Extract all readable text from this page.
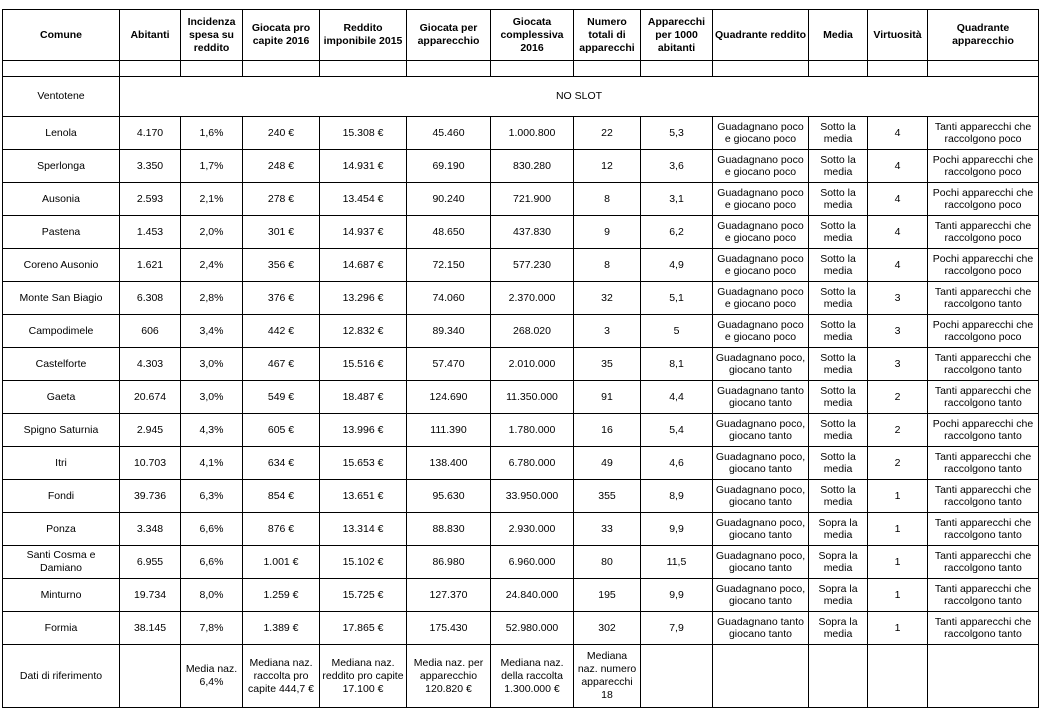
Comune	Abitanti	Incidenza spesa su reddito	Giocata pro capite 2016	Reddito imponibile 2015	Giocata per apparecchio	Giocata complessiva 2016	Numero totali di apparecchi	Apparecchi per 1000 abitanti	Quadrante reddito	Media	Virtuosità	Quadrante apparecchio

Ventotene	NO SLOT											
Lenola	4.170	1,6%	240 €	15.308 €	45.460	1.000.800	22	5,3	Guadagnano poco e giocano poco	Sotto la media	4	Tanti apparecchi che raccolgono poco
Sperlonga	3.350	1,7%	248 €	14.931 €	69.190	830.280	12	3,6	Guadagnano poco e giocano poco	Sotto la media	4	Pochi apparecchi che raccolgono poco
Ausonia	2.593	2,1%	278 €	13.454 €	90.240	721.900	8	3,1	Guadagnano poco e giocano poco	Sotto la media	4	Pochi apparecchi che raccolgono poco
Pastena	1.453	2,0%	301 €	14.937 €	48.650	437.830	9	6,2	Guadagnano poco e giocano poco	Sotto la media	4	Tanti apparecchi che raccolgono poco
Coreno Ausonio	1.621	2,4%	356 €	14.687 €	72.150	577.230	8	4,9	Guadagnano poco e giocano poco	Sotto la media	4	Pochi apparecchi che raccolgono poco
Monte San Biagio	6.308	2,8%	376 €	13.296 €	74.060	2.370.000	32	5,1	Guadagnano poco e giocano poco	Sotto la media	3	Tanti apparecchi che raccolgono tanto
Campodimele	606	3,4%	442 €	12.832 €	89.340	268.020	3	5	Guadagnano poco e giocano poco	Sotto la media	3	Pochi apparecchi che raccolgono poco
Castelforte	4.303	3,0%	467 €	15.516 €	57.470	2.010.000	35	8,1	Guadagnano poco, giocano tanto	Sotto la media	3	Tanti apparecchi che raccolgono tanto
Gaeta	20.674	3,0%	549 €	18.487 €	124.690	11.350.000	91	4,4	Guadagnano tanto giocano tanto	Sotto la media	2	Tanti apparecchi che raccolgono tanto
Spigno Saturnia	2.945	4,3%	605 €	13.996 €	111.390	1.780.000	16	5,4	Guadagnano poco, giocano tanto	Sotto la media	2	Pochi apparecchi che raccolgono tanto
Itri	10.703	4,1%	634 €	15.653 €	138.400	6.780.000	49	4,6	Guadagnano poco, giocano tanto	Sotto la media	2	Tanti apparecchi che raccolgono tanto
Fondi	39.736	6,3%	854 €	13.651 €	95.630	33.950.000	355	8,9	Guadagnano poco, giocano tanto	Sotto la media	1	Tanti apparecchi che raccolgono tanto
Ponza	3.348	6,6%	876 €	13.314 €	88.830	2.930.000	33	9,9	Guadagnano poco, giocano tanto	Sopra la media	1	Tanti apparecchi che raccolgono tanto
Santi Cosma e Damiano	6.955	6,6%	1.001 €	15.102 €	86.980	6.960.000	80	11,5	Guadagnano poco, giocano tanto	Sopra la media	1	Tanti apparecchi che raccolgono tanto
Minturno	19.734	8,0%	1.259 €	15.725 €	127.370	24.840.000	195	9,9	Guadagnano poco, giocano tanto	Sopra la media	1	Tanti apparecchi che raccolgono tanto
Formia	38.145	7,8%	1.389 €	17.865 €	175.430	52.980.000	302	7,9	Guadagnano tanto giocano tanto	Sopra la media	1	Tanti apparecchi che raccolgono tanto
Dati di riferimento		Media naz. 6,4%	Mediana naz. raccolta pro capite 444,7 €	Mediana naz. reddito pro capite 17.100 €	Media naz. per apparecchio 120.820 €	Mediana naz. della raccolta 1.300.000 €	Mediana naz. numero apparecchi 18					
